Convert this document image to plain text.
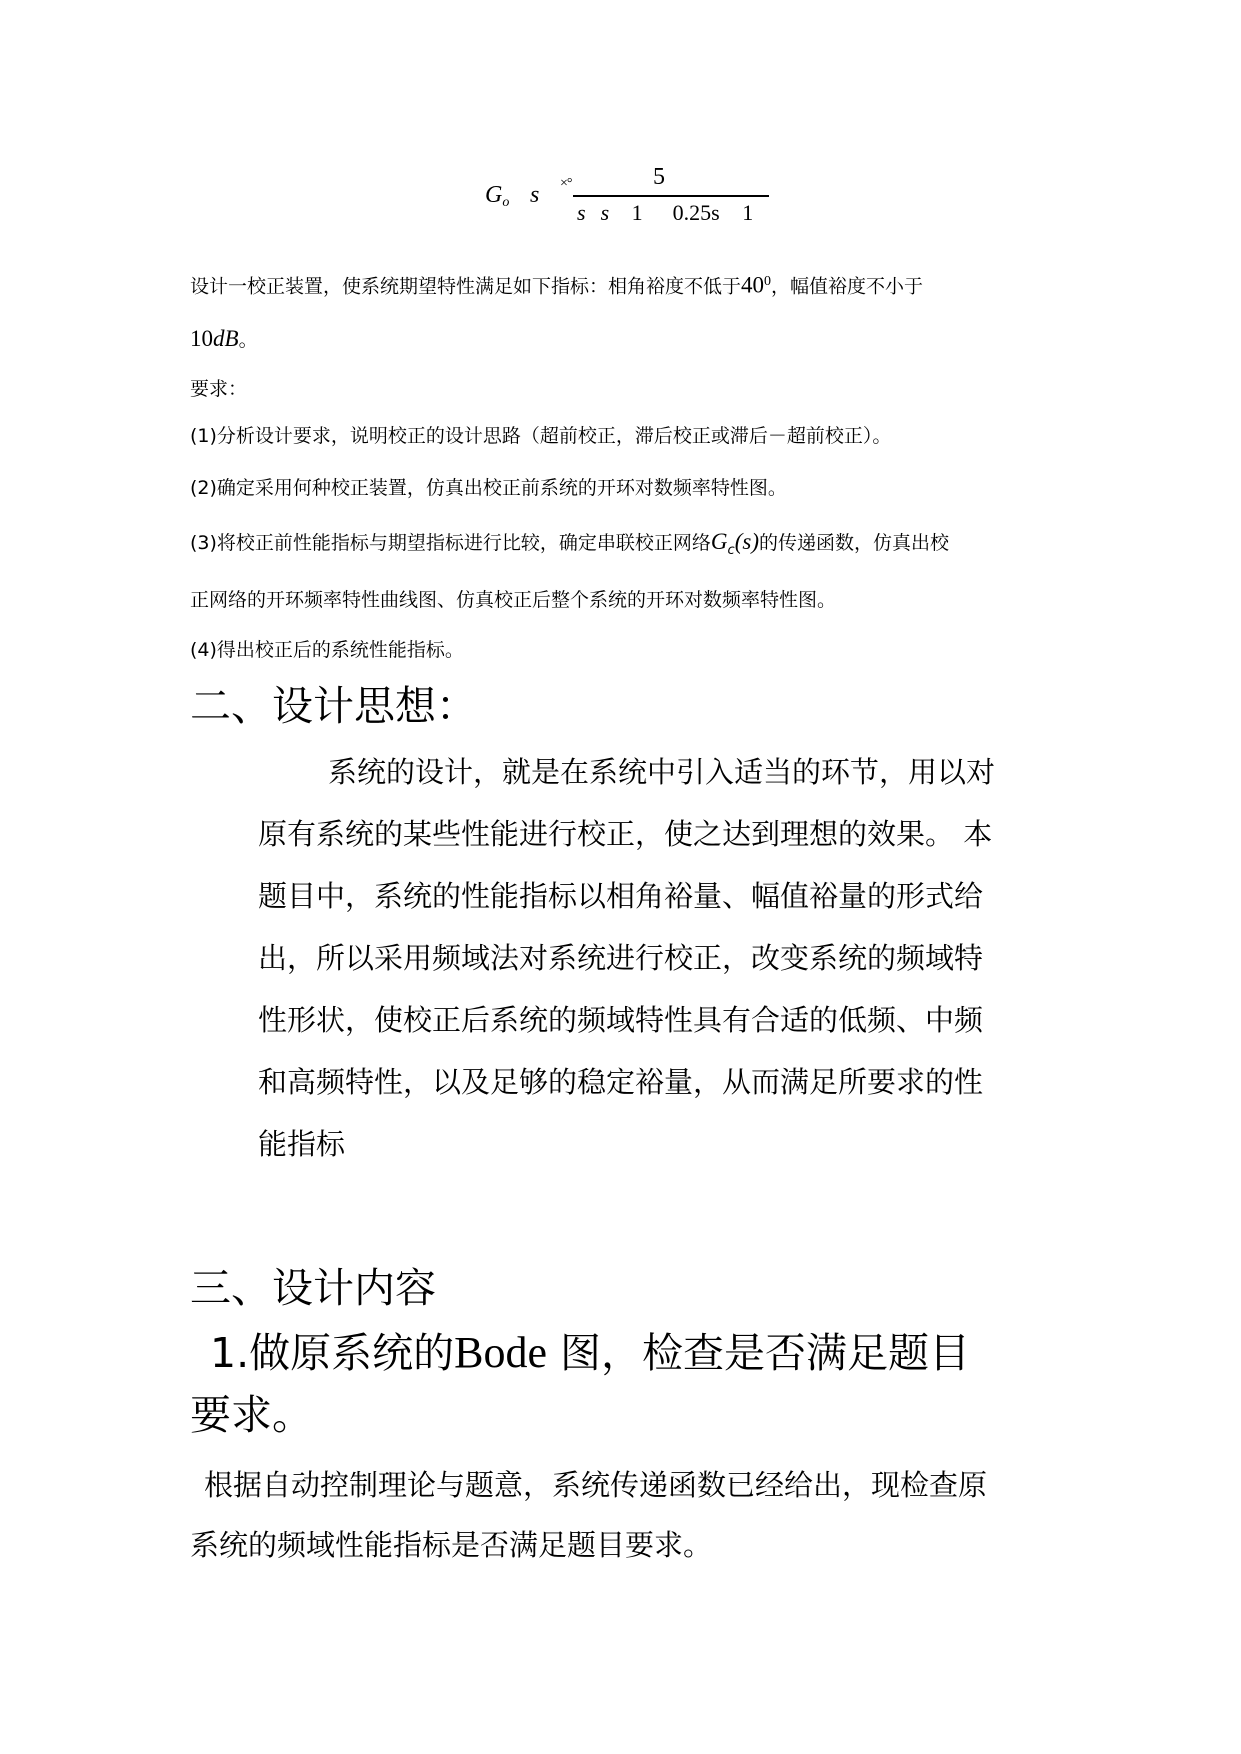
Go s ×°	5
s s 1 0.25s 1
设计一校正装置，使系统期望特性满足如下指标：相角裕度不低于$40^0$，幅值裕度不小于
10dB。
要求：
(1)分析设计要求，说明校正的设计思路（超前校正，滞后校正或滞后－超前校正）。
(2)确定采用何种校正装置，仿真出校正前系统的开环对数频率特性图。
(3)将校正前性能指标与期望指标进行比较，确定串联校正网络$G_c(s)$的传递函数，仿真出校
正网络的开环频率特性曲线图、仿真校正后整个系统的开环对数频率特性图。
(4)得出校正后的系统性能指标。
二、设计思想：
系统的设计，就是在系统中引入适当的环节，用以对
原有系统的某些性能进行校正，使之达到理想的效果。 本
题目中，系统的性能指标以相角裕量、幅值裕量的形式给
出，所以采用频域法对系统进行校正，改变系统的频域特
性形状，使校正后系统的频域特性具有合适的低频、中频
和高频特性，以及足够的稳定裕量，从而满足所要求的性
能指标
三、设计内容
1.做原系统的Bode 图，检查是否满足题目
要求。
根据自动控制理论与题意，系统传递函数已经给出，现检查原
系统的频域性能指标是否满足题目要求。
